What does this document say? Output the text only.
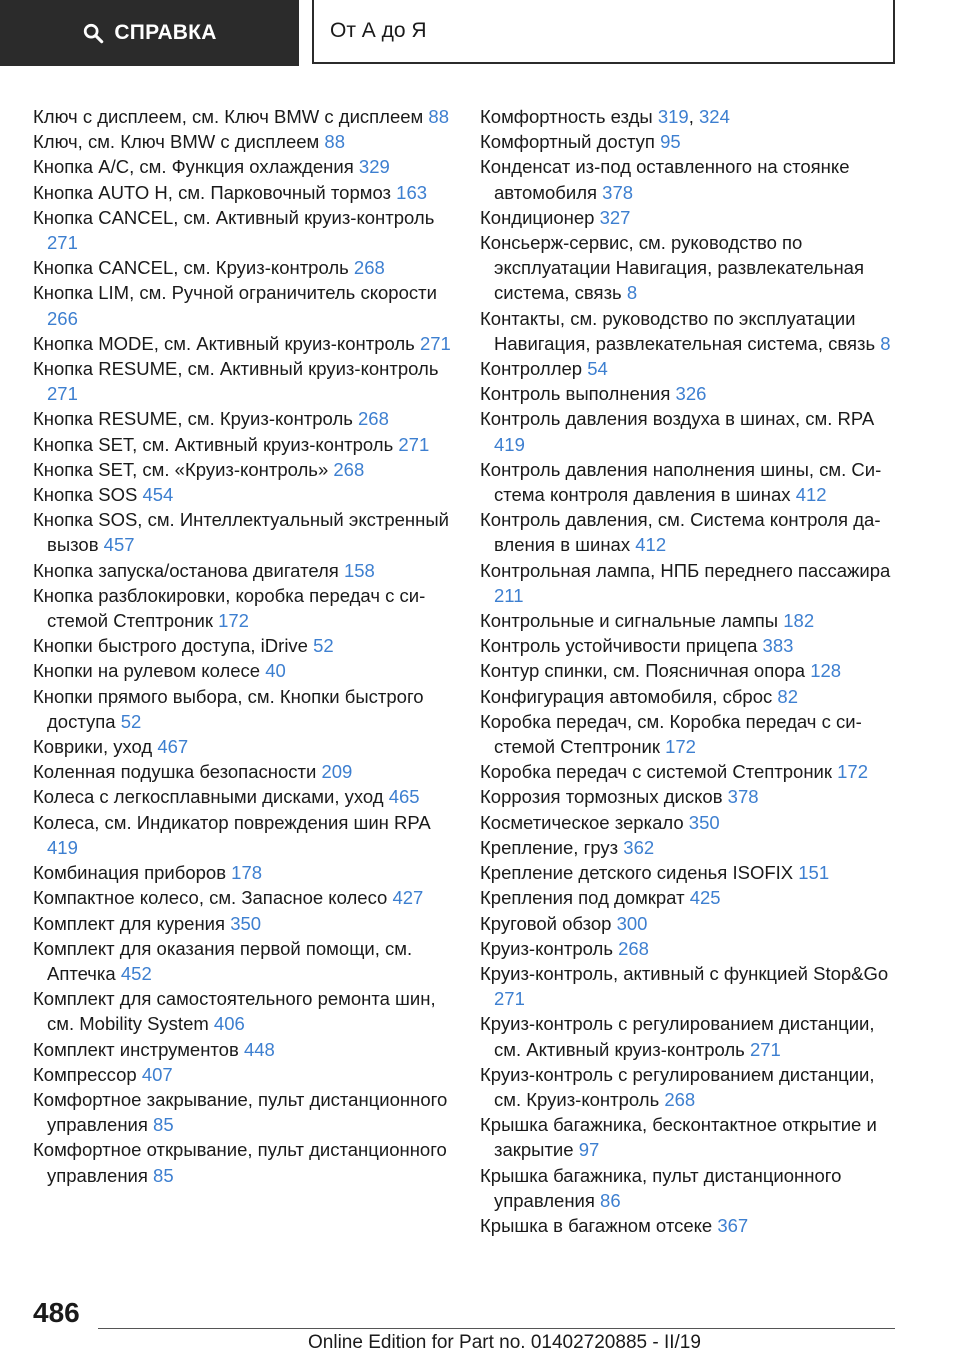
СПРАВКА	От А до Я
Ключ с дисплеем, см. Ключ BMW с дисплеем 88
Ключ, см. Ключ BMW с дисплеем 88
Кнопка A/C, см. Функция охлаждения 329
Кнопка AUTO H, см. Парковочный тормоз 163
Кнопка CANCEL, см. Активный круиз-контроль 271
Кнопка CANCEL, см. Круиз-контроль 268
Кнопка LIM, см. Ручной ограничитель скорости 266
Кнопка MODE, см. Активный круиз-контроль 271
Кнопка RESUME, см. Активный круиз-контроль 271
Кнопка RESUME, см. Круиз-контроль 268
Кнопка SET, см. Активный круиз-контроль 271
Кнопка SET, см. «Круиз-контроль» 268
Кнопка SOS 454
Кнопка SOS, см. Интеллектуальный экстренный вызов 457
Кнопка запуска/останова двигателя 158
Кнопка разблокировки, коробка передач с системой Стептроник 172
Кнопки быстрого доступа, iDrive 52
Кнопки на рулевом колесе 40
Кнопки прямого выбора, см. Кнопки быстрого доступа 52
Коврики, уход 467
Коленная подушка безопасности 209
Колеса с легкосплавными дисками, уход 465
Колеса, см. Индикатор повреждения шин RPA 419
Комбинация приборов 178
Компактное колесо, см. Запасное колесо 427
Комплект для курения 350
Комплект для оказания первой помощи, см. Аптечка 452
Комплект для самостоятельного ремонта шин, см. Mobility System 406
Комплект инструментов 448
Компрессор 407
Комфортное закрывание, пульт дистанционного управления 85
Комфортное открывание, пульт дистанционного управления 85
Комфортность езды 319, 324
Комфортный доступ 95
Конденсат из-под оставленного на стоянке автомобиля 378
Кондиционер 327
Консьерж-сервис, см. руководство по эксплуатации Навигация, развлекательная система, связь 8
Контакты, см. руководство по эксплуатации Навигация, развлекательная система, связь 8
Контроллер 54
Контроль выполнения 326
Контроль давления воздуха в шинах, см. RPA 419
Контроль давления наполнения шины, см. Система контроля давления в шинах 412
Контроль давления, см. Система контроля давления в шинах 412
Контрольная лампа, НПБ переднего пассажира 211
Контрольные и сигнальные лампы 182
Контроль устойчивости прицепа 383
Контур спинки, см. Поясничная опора 128
Конфигурация автомобиля, сброс 82
Коробка передач, см. Коробка передач с системой Стептроник 172
Коробка передач с системой Стептроник 172
Коррозия тормозных дисков 378
Косметическое зеркало 350
Крепление, груз 362
Крепление детского сиденья ISOFIX 151
Крепления под домкрат 425
Круговой обзор 300
Круиз-контроль 268
Круиз-контроль, активный с функцией Stop&Go 271
Круиз-контроль с регулированием дистанции, см. Активный круиз-контроль 271
Круиз-контроль с регулированием дистанции, см. Круиз-контроль 268
Крышка багажника, бесконтактное открытие и закрытие 97
Крышка багажника, пульт дистанционного управления 86
Крышка в багажном отсеке 367
486
Online Edition for Part no. 01402720885 - II/19
